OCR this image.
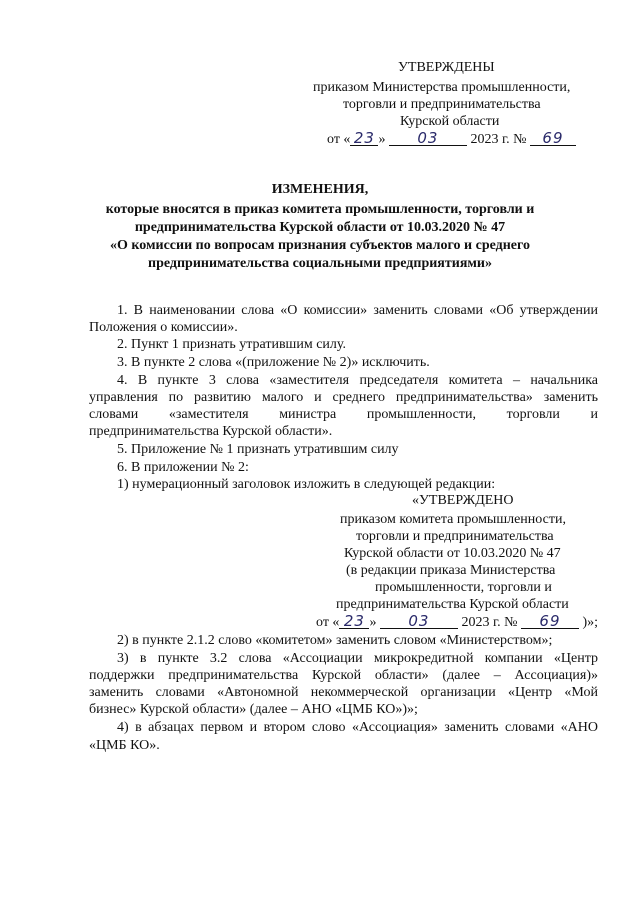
УТВЕРЖДЕНЫ
приказом Министерства промышленности,
торговли и предпринимательства
Курской области
от « 23 » 03 2023 г. № 69
ИЗМЕНЕНИЯ,
которые вносятся в приказ комитета промышленности, торговли и
предпринимательства Курской области от 10.03.2020 № 47
«О комиссии по вопросам признания субъектов малого и среднего
предпринимательства социальными предприятиями»
1. В наименовании слова «О комиссии» заменить словами «Об утверждении
Положения о комиссии».
2. Пункт 1 признать утратившим силу.
3. В пункте 2 слова «(приложение № 2)» исключить.
4. В пункте 3 слова «заместителя председателя комитета – начальника
управления по развитию малого и среднего предпринимательства» заменить
словами «заместителя министра промышленности, торговли и
предпринимательства Курской области».
5. Приложение № 1 признать утратившим силу
6. В приложении № 2:
1) нумерационный заголовок изложить в следующей редакции:
«УТВЕРЖДЕНО
приказом комитета промышленности,
торговли и предпринимательства
Курской области от 10.03.2020 № 47
(в редакции приказа Министерства
промышленности, торговли и
предпринимательства Курской области
от « 23 » 03 2023 г. № 69 )»;
2) в пункте 2.1.2 слово «комитетом» заменить словом «Министерством»;
3) в пункте 3.2 слова «Ассоциации микрокредитной компании «Центр
поддержки предпринимательства Курской области» (далее – Ассоциация)»
заменить словами «Автономной некоммерческой организации «Центр «Мой
бизнес» Курской области» (далее – АНО «ЦМБ КО»)»;
4) в абзацах первом и втором слово «Ассоциация» заменить словами «АНО
«ЦМБ КО».
